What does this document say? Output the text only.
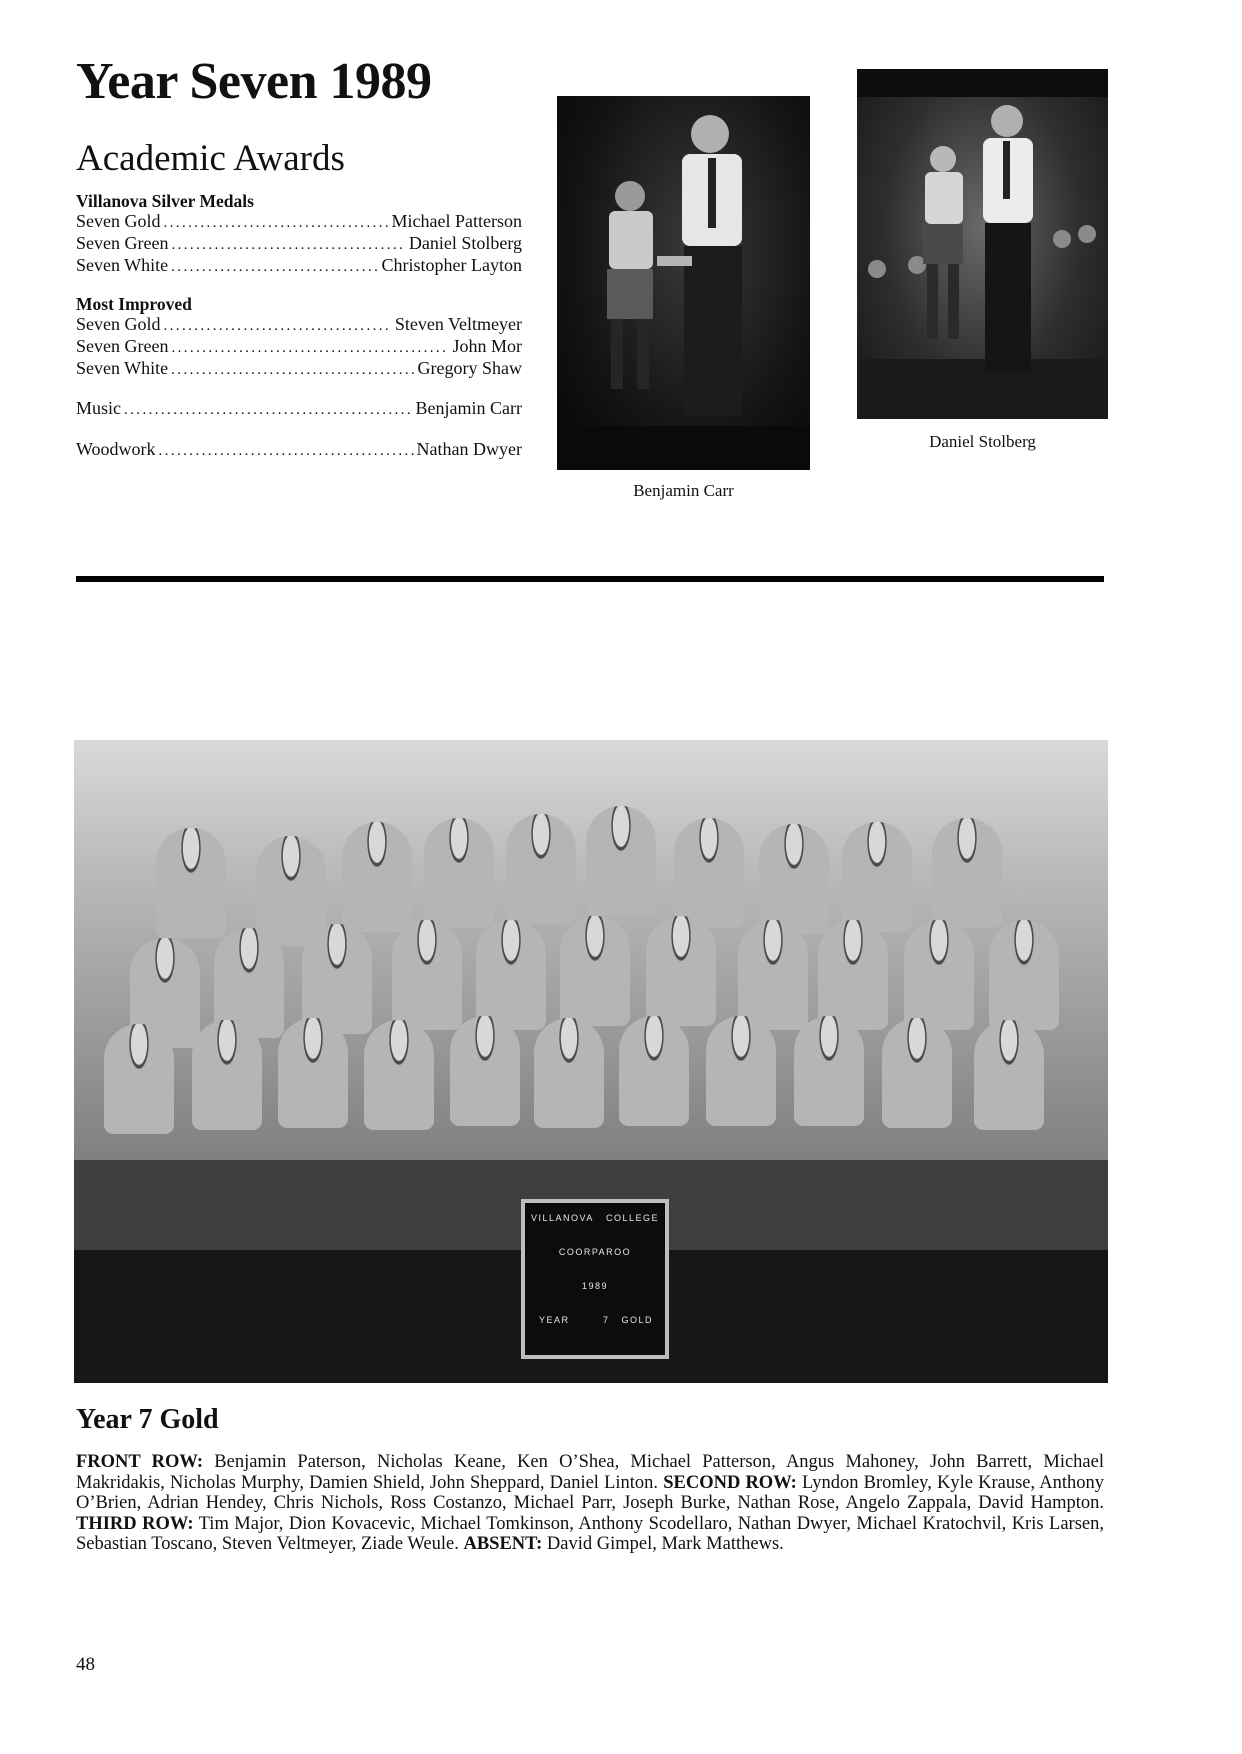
Year Seven 1989
Academic Awards
Villanova Silver Medals
Seven Gold .....	Michael Patterson
Seven Green .....	Daniel Stolberg
Seven White .....	Christopher Layton
Most Improved
Seven Gold .....	Steven Veltmeyer
Seven Green .....	John Mor
Seven White .....	Gregory Shaw
Music .....	Benjamin Carr
Woodwork .....	Nathan Dwyer
Benjamin Carr
Daniel Stolberg
VILLANOVA COLLEGE
COORPAROO
1989
YEAR	7 GOLD
Year 7 Gold

FRONT ROW: Benjamin Paterson, Nicholas Keane, Ken O’Shea, Michael Patterson, Angus Mahoney, John Barrett, Michael Makridakis, Nicholas Murphy, Damien Shield, John Sheppard, Daniel Linton. SECOND ROW: Lyndon Bromley, Kyle Krause, Anthony O’Brien, Adrian Hendey, Chris Nichols, Ross Costanzo, Michael Parr, Joseph Burke, Nathan Rose, Angelo Zappala, David Hampton. THIRD ROW: Tim Major, Dion Kovacevic, Michael Tomkinson, Anthony Scodellaro, Nathan Dwyer, Michael Kratochvil, Kris Larsen, Sebastian Toscano, Steven Veltmeyer, Ziade Weule. ABSENT: David Gimpel, Mark Matthews.

48
